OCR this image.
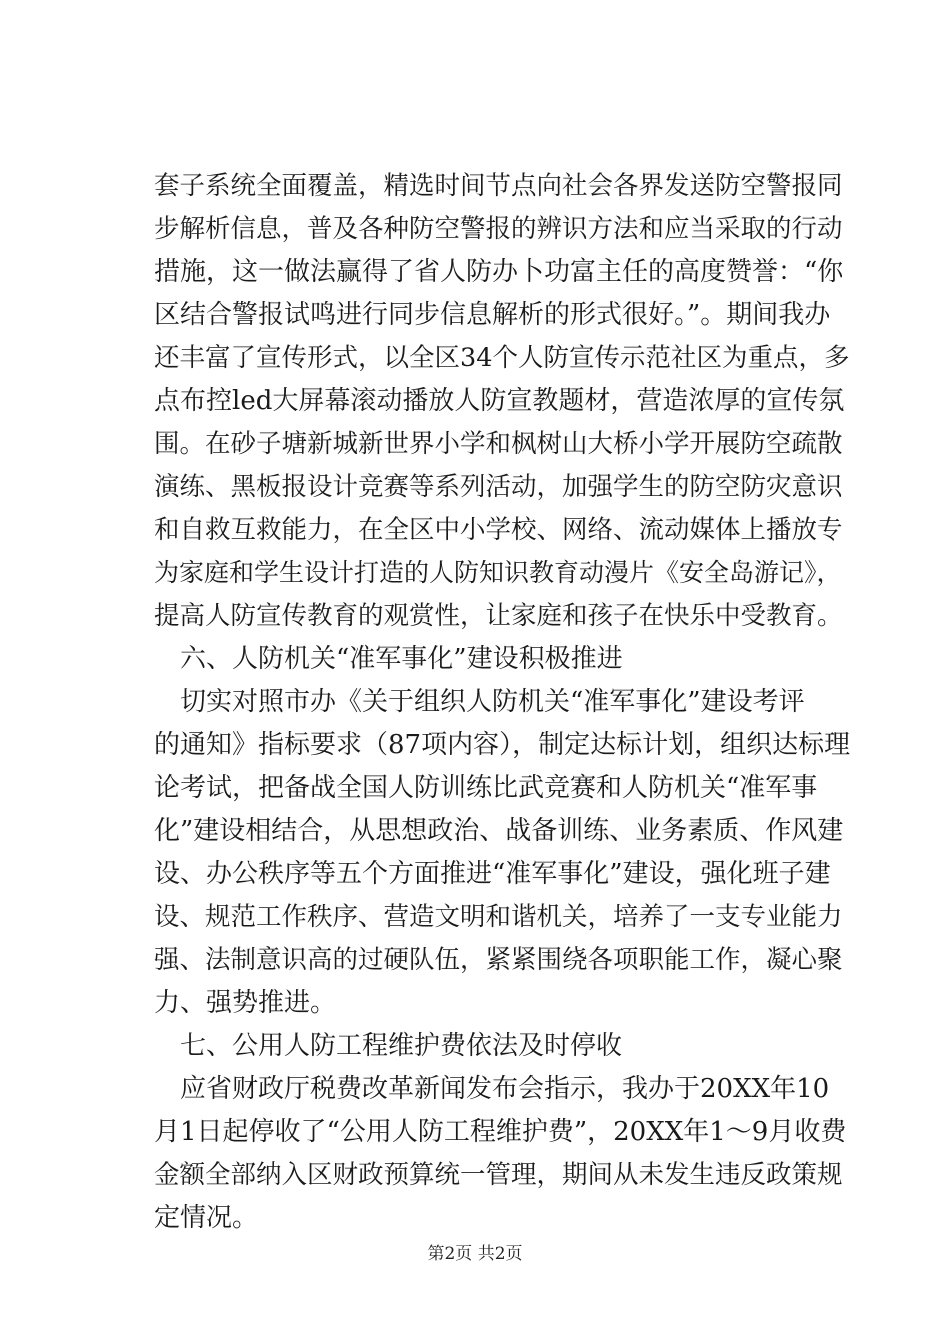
套子系统全面覆盖，精选时间节点向社会各界发送防空警报同
步解析信息，普及各种防空警报的辨识方法和应当采取的行动
措施，这一做法赢得了省人防办卜功富主任的高度赞誉：“你
区结合警报试鸣进行同步信息解析的形式很好。”。期间我办
还丰富了宣传形式，以全区34个人防宣传示范社区为重点，多
点布控led大屏幕滚动播放人防宣教题材，营造浓厚的宣传氛
围。在砂子塘新城新世界小学和枫树山大桥小学开展防空疏散
演练、黑板报设计竞赛等系列活动，加强学生的防空防灾意识
和自救互救能力，在全区中小学校、网络、流动媒体上播放专
为家庭和学生设计打造的人防知识教育动漫片《安全岛游记》，
提高人防宣传教育的观赏性，让家庭和孩子在快乐中受教育。
六、人防机关“准军事化”建设积极推进
切实对照市办《关于组织人防机关“准军事化”建设考评
的通知》指标要求（87项内容），制定达标计划，组织达标理
论考试，把备战全国人防训练比武竞赛和人防机关“准军事
化”建设相结合，从思想政治、战备训练、业务素质、作风建
设、办公秩序等五个方面推进“准军事化”建设，强化班子建
设、规范工作秩序、营造文明和谐机关，培养了一支专业能力
强、法制意识高的过硬队伍，紧紧围绕各项职能工作，凝心聚
力、强势推进。
七、公用人防工程维护费依法及时停收
应省财政厅税费改革新闻发布会指示，我办于20XX年10
月1日起停收了“公用人防工程维护费”，20XX年1～9月收费
金额全部纳入区财政预算统一管理，期间从未发生违反政策规
定情况。
第2页 共2页
